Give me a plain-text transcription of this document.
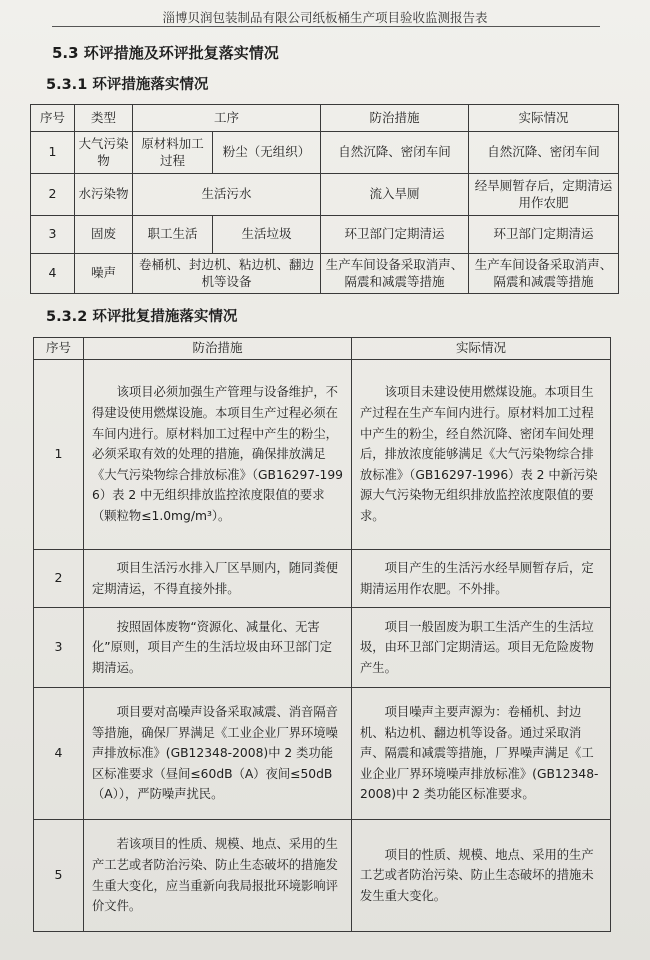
淄博贝润包装制品有限公司纸板桶生产项目验收监测报告表
5.3 环评措施及环评批复落实情况
5.3.1 环评措施落实情况
序号	类型	工序		防治措施	实际情况
1	大气污染物	原材料加工过程	粉尘（无组织）	自然沉降、密闭车间	自然沉降、密闭车间
2	水污染物	生活污水		流入旱厕	经旱厕暂存后，定期清运用作农肥
3	固废	职工生活	生活垃圾	环卫部门定期清运	环卫部门定期清运
4	噪声	卷桶机、封边机、粘边机、翻边机等设备		生产车间设备采取消声、隔震和减震等措施	生产车间设备采取消声、隔震和减震等措施
5.3.2 环评批复措施落实情况
序号	防治措施	实际情况
1	该项目必须加强生产管理与设备维护，不得建设使用燃煤设施。本项目生产过程必须在车间内进行。原材料加工过程中产生的粉尘，必须采取有效的处理的措施，确保排放满足《大气污染物综合排放标准》（GB16297-1996）表 2 中无组织排放监控浓度限值的要求（颗粒物≤1.0mg/m³）。	该项目未建设使用燃煤设施。本项目生产过程在生产车间内进行。原材料加工过程中产生的粉尘，经自然沉降、密闭车间处理后，排放浓度能够满足《大气污染物综合排放标准》（GB16297-1996）表 2 中新污染源大气污染物无组织排放监控浓度限值的要求。

2	项目生活污水排入厂区旱厕内，随同粪便定期清运，不得直接外排。	项目产生的生活污水经旱厕暂存后，定期清运用作农肥。不外排。

3	按照固体废物“资源化、减量化、无害化”原则，项目产生的生活垃圾由环卫部门定期清运。	项目一般固废为职工生活产生的生活垃圾，由环卫部门定期清运。项目无危险废物产生。

4	项目要对高噪声设备采取减震、消音隔音等措施，确保厂界满足《工业企业厂界环境噪声排放标准》(GB12348-2008)中 2 类功能区标准要求（昼间≤60dB（A）夜间≤50dB（A）），严防噪声扰民。	项目噪声主要声源为：卷桶机、封边机、粘边机、翻边机等设备。通过采取消声、隔震和减震等措施，厂界噪声满足《工业企业厂界环境噪声排放标准》(GB12348-2008)中 2 类功能区标准要求。

5	若该项目的性质、规模、地点、采用的生产工艺或者防治污染、防止生态破坏的措施发生重大变化，应当重新向我局报批环境影响评价文件。	项目的性质、规模、地点、采用的生产工艺或者防治污染、防止生态破坏的措施未发生重大变化。
